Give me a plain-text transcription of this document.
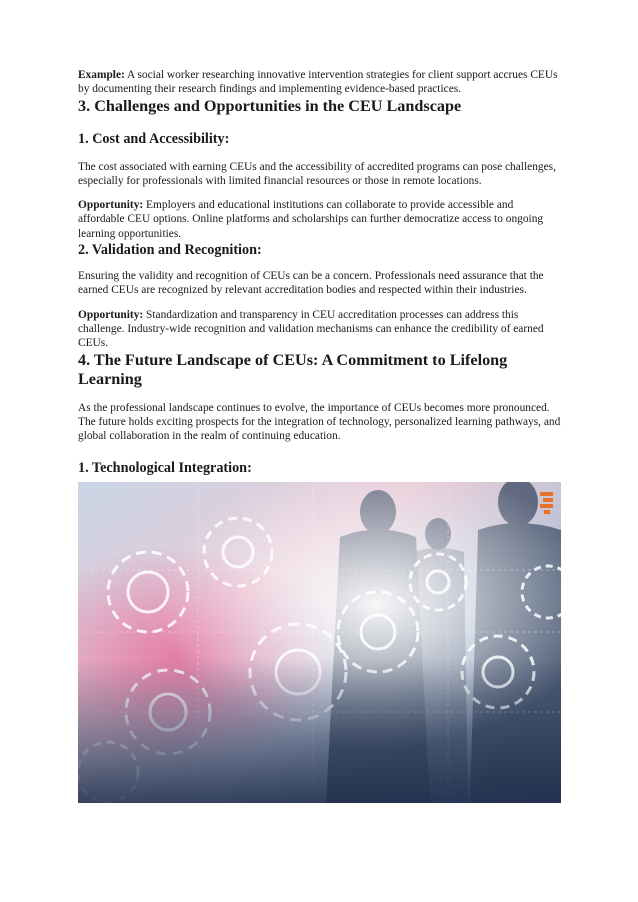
Example: A social worker researching innovative intervention strategies for client support accrues CEUs by documenting their research findings and implementing evidence-based practices.

3. Challenges and Opportunities in the CEU Landscape
1. Cost and Accessibility:

The cost associated with earning CEUs and the accessibility of accredited programs can pose challenges, especially for professionals with limited financial resources or those in remote locations.

Opportunity: Employers and educational institutions can collaborate to provide accessible and affordable CEU options. Online platforms and scholarships can further democratize access to ongoing learning opportunities.

2. Validation and Recognition:

Ensuring the validity and recognition of CEUs can be a concern. Professionals need assurance that the earned CEUs are recognized by relevant accreditation bodies and respected within their industries.

Opportunity: Standardization and transparency in CEU accreditation processes can address this challenge. Industry-wide recognition and validation mechanisms can enhance the credibility of earned CEUs.

4. The Future Landscape of CEUs: A Commitment to Lifelong Learning

As the professional landscape continues to evolve, the importance of CEUs becomes more pronounced. The future holds exciting prospects for the integration of technology, personalized learning pathways, and global collaboration in the realm of continuing education.

1. Technological Integration:
